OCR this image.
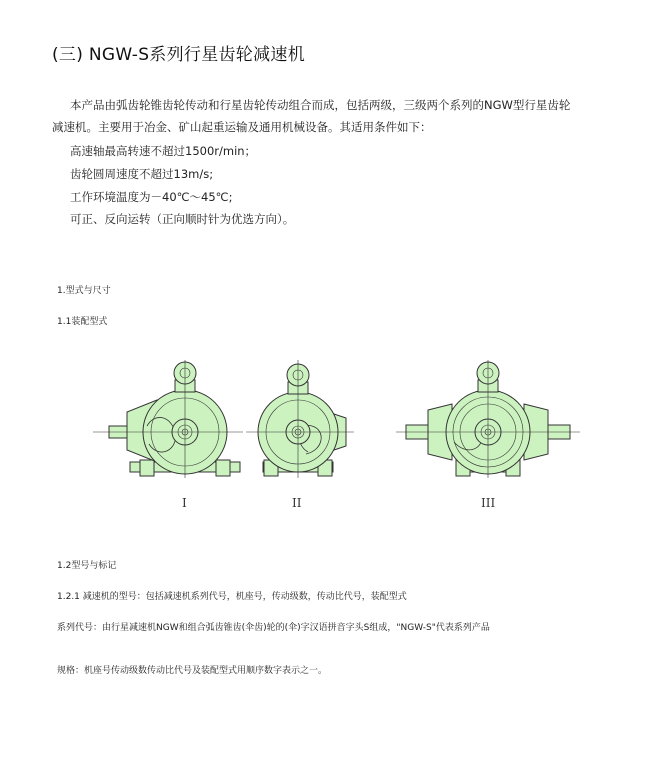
(三) NGW-S系列行星齿轮减速机
本产品由弧齿轮锥齿轮传动和行星齿轮传动组合而成，包括两级，三级两个系列的NGW型行星齿轮
减速机。主要用于冶金、矿山起重运输及通用机械设备。其适用条件如下：
高速轴最高转速不超过1500r/min；
齿轮圆周速度不超过13m/s;
工作环境温度为－40℃～45℃;
可正、反向运转（正向顺时针为优选方向）。
1.型式与尺寸
1.1装配型式
I	II	III
1.2型号与标记
1.2.1 减速机的型号：包括减速机系列代号，机座号，传动级数，传动比代号，装配型式
系列代号：由行星减速机NGW和组合弧齿锥齿(伞齿)轮的(伞)字汉语拼音字头S组成，"NGW-S"代表系列产品
规格：机座号传动级数传动比代号及装配型式用顺序数字表示之一。
